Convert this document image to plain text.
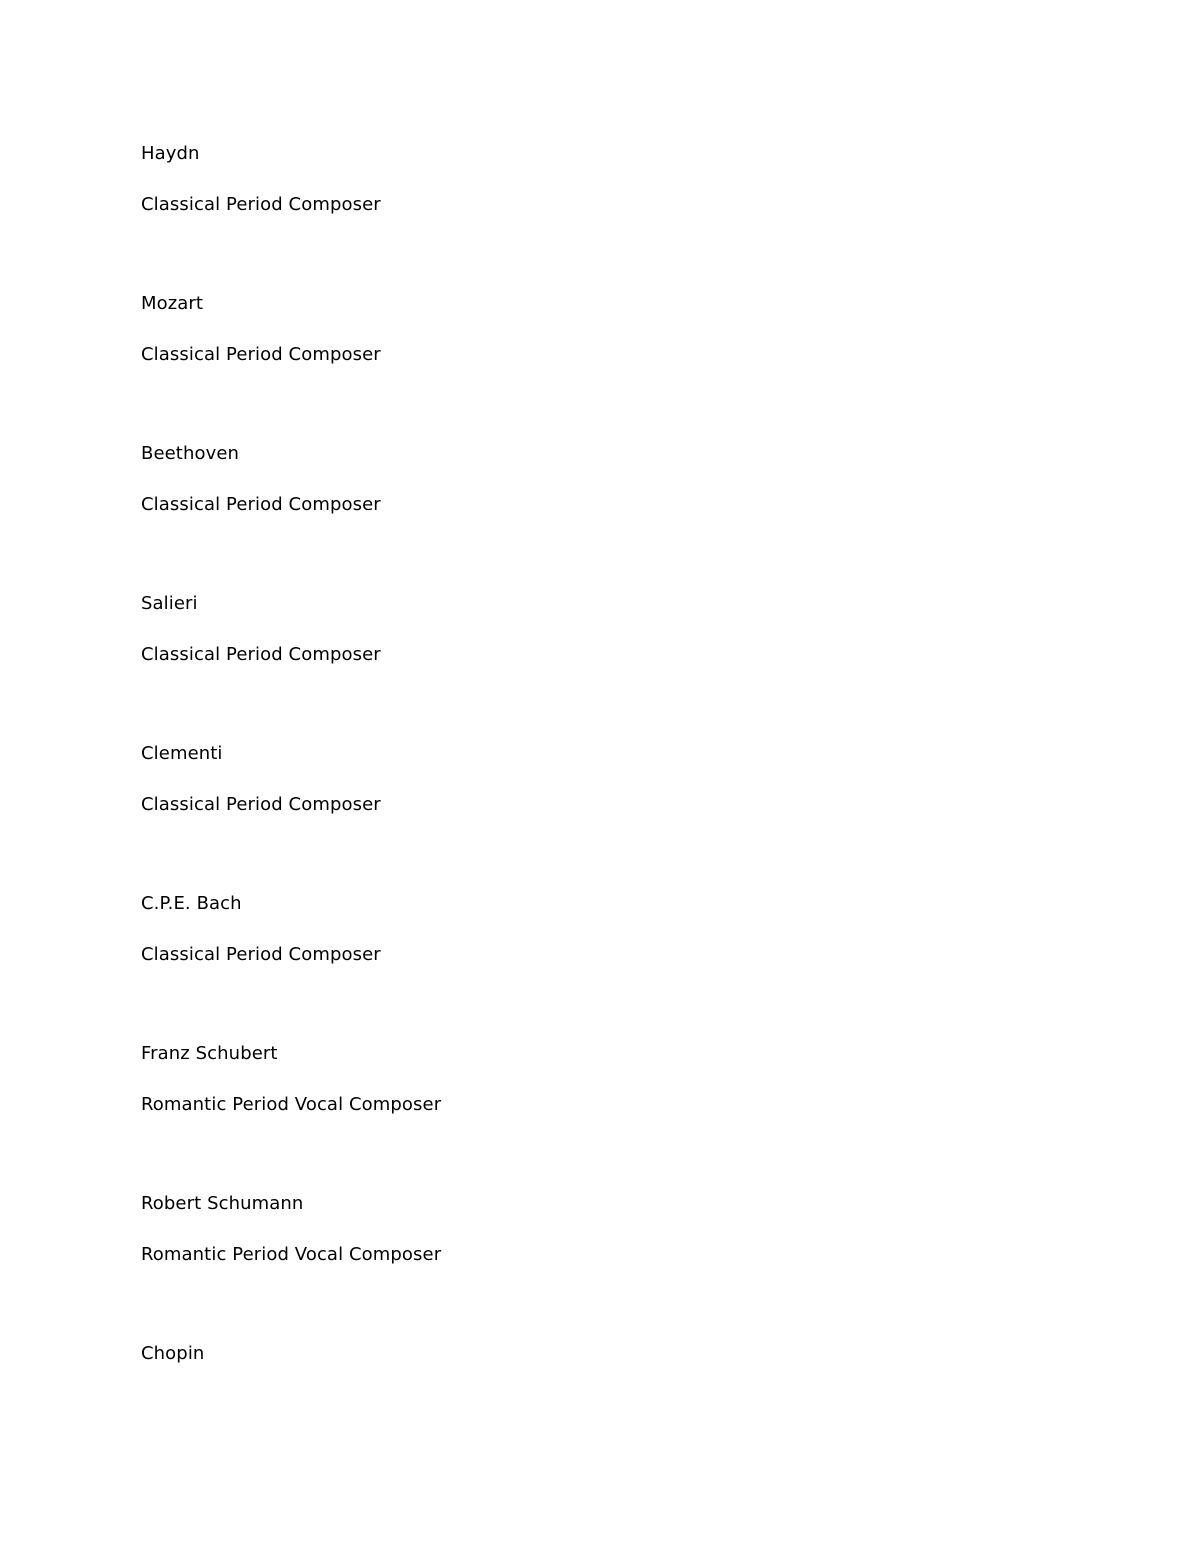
Haydn
Classical Period Composer
Mozart
Classical Period Composer
Beethoven
Classical Period Composer
Salieri
Classical Period Composer
Clementi
Classical Period Composer
C.P.E. Bach
Classical Period Composer
Franz Schubert
Romantic Period Vocal Composer
Robert Schumann
Romantic Period Vocal Composer
Chopin
